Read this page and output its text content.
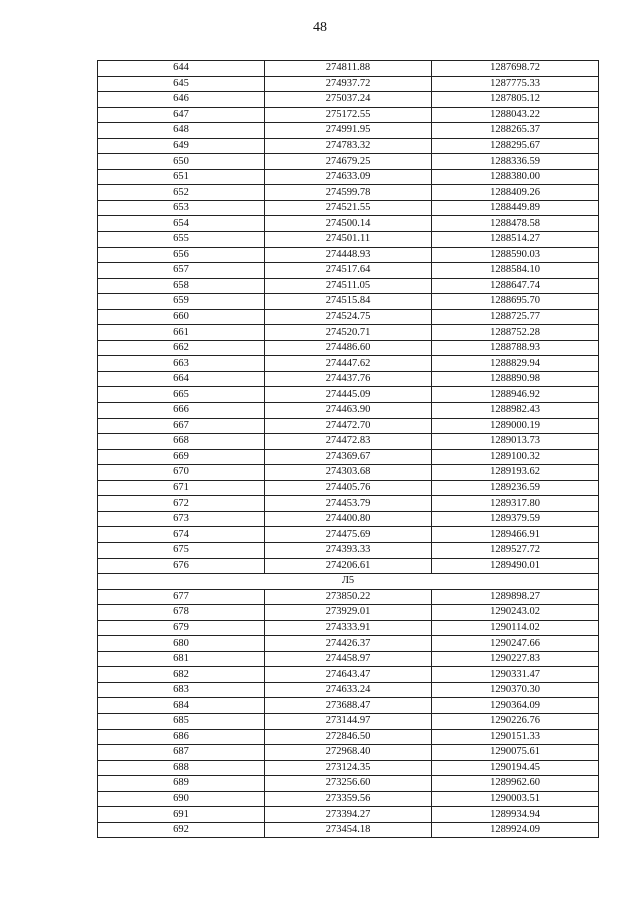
48
644	274811.88	1287698.72
645	274937.72	1287775.33
646	275037.24	1287805.12
647	275172.55	1288043.22
648	274991.95	1288265.37
649	274783.32	1288295.67
650	274679.25	1288336.59
651	274633.09	1288380.00
652	274599.78	1288409.26
653	274521.55	1288449.89
654	274500.14	1288478.58
655	274501.11	1288514.27
656	274448.93	1288590.03
657	274517.64	1288584.10
658	274511.05	1288647.74
659	274515.84	1288695.70
660	274524.75	1288725.77
661	274520.71	1288752.28
662	274486.60	1288788.93
663	274447.62	1288829.94
664	274437.76	1288890.98
665	274445.09	1288946.92
666	274463.90	1288982.43
667	274472.70	1289000.19
668	274472.83	1289013.73
669	274369.67	1289100.32
670	274303.68	1289193.62
671	274405.76	1289236.59
672	274453.79	1289317.80
673	274400.80	1289379.59
674	274475.69	1289466.91
675	274393.33	1289527.72
676	274206.61	1289490.01
Л5		
677	273850.22	1289898.27
678	273929.01	1290243.02
679	274333.91	1290114.02
680	274426.37	1290247.66
681	274458.97	1290227.83
682	274643.47	1290331.47
683	274633.24	1290370.30
684	273688.47	1290364.09
685	273144.97	1290226.76
686	272846.50	1290151.33
687	272968.40	1290075.61
688	273124.35	1290194.45
689	273256.60	1289962.60
690	273359.56	1290003.51
691	273394.27	1289934.94
692	273454.18	1289924.09
